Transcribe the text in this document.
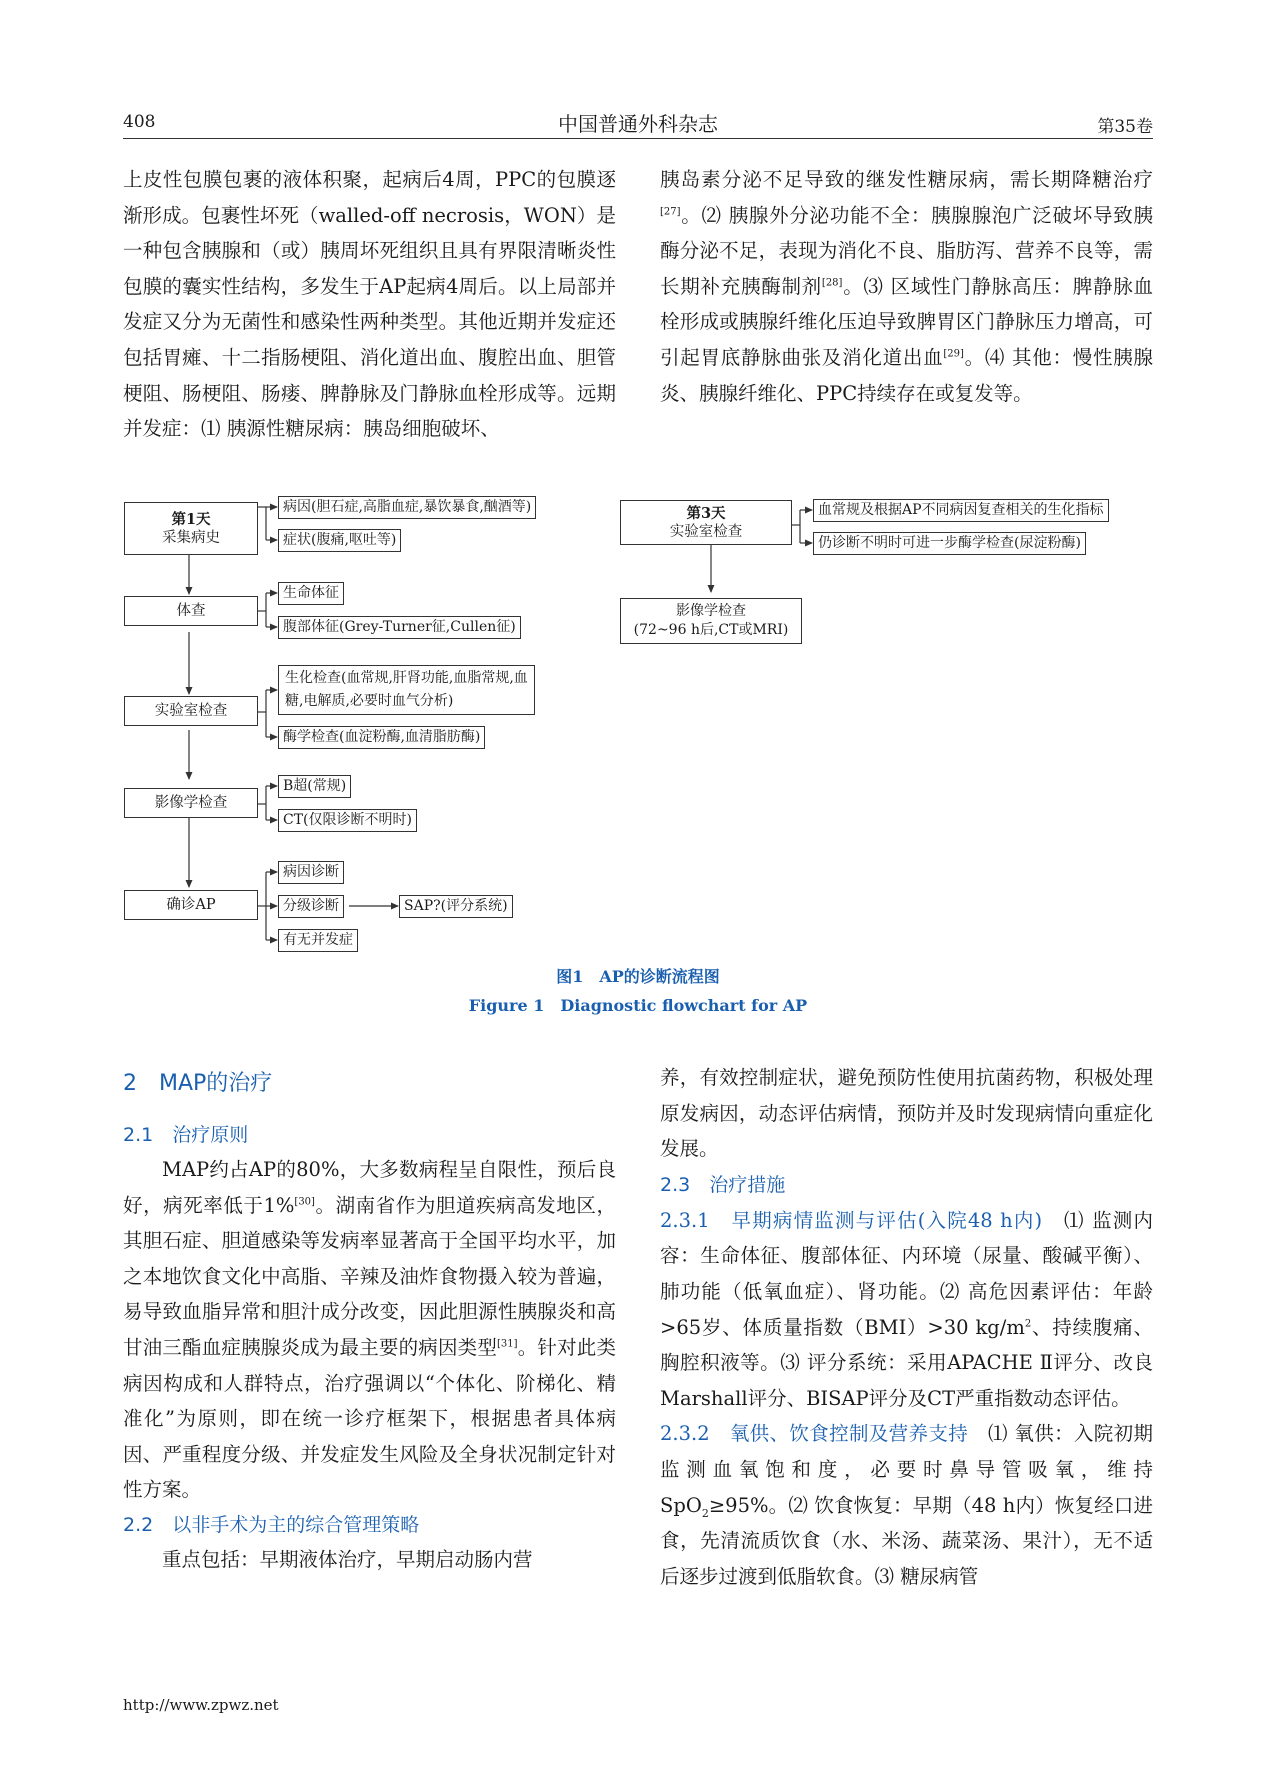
408	中国普通外科杂志	第35卷

上皮性包膜包裹的液体积聚，起病后4周，PPC的包膜逐渐形成。包裹性坏死（walled-off necrosis，WON）是一种包含胰腺和（或）胰周坏死组织且具有界限清晰炎性包膜的囊实性结构，多发生于AP起病4周后。以上局部并发症又分为无菌性和感染性两种类型。其他近期并发症还包括胃瘫、十二指肠梗阻、消化道出血、腹腔出血、胆管梗阻、肠梗阻、肠瘘、脾静脉及门静脉血栓形成等。远期并发症：⑴ 胰源性糖尿病：胰岛细胞破坏、

胰岛素分泌不足导致的继发性糖尿病，需长期降糖治疗[27]。⑵ 胰腺外分泌功能不全：胰腺腺泡广泛破坏导致胰酶分泌不足，表现为消化不良、脂肪泻、营养不良等，需长期补充胰酶制剂[28]。⑶ 区域性门静脉高压：脾静脉血栓形成或胰腺纤维化压迫导致脾胃区门静脉压力增高，可引起胃底静脉曲张及消化道出血[29]。⑷ 其他：慢性胰腺炎、胰腺纤维化、PPC持续存在或复发等。

第1天
采集病史
病因(胆石症,高脂血症,暴饮暴食,酗酒等)
症状(腹痛,呕吐等)
体查
生命体征
腹部体征(Grey-Turner征,Cullen征)
实验室检查
生化检查(血常规,肝肾功能,血脂常规,血
糖,电解质,必要时血气分析)
酶学检查(血淀粉酶,血清脂肪酶)
影像学检查
B超(常规)
CT(仅限诊断不明时)
确诊AP
病因诊断
分级诊断	SAP?(评分系统)
有无并发症
第3天
实验室检查
血常规及根据AP不同病因复查相关的生化指标
仍诊断不明时可进一步酶学检查(尿淀粉酶)
影像学检查
(72~96 h后,CT或MRI)
图1　AP的诊断流程图
Figure 1　Diagnostic flowchart for AP
2　MAP的治疗
2.1　治疗原则

MAP约占AP的80%，大多数病程呈自限性，预后良好，病死率低于1%[30]。湖南省作为胆道疾病高发地区，其胆石症、胆道感染等发病率显著高于全国平均水平，加之本地饮食文化中高脂、辛辣及油炸食物摄入较为普遍，易导致血脂异常和胆汁成分改变，因此胆源性胰腺炎和高甘油三酯血症胰腺炎成为最主要的病因类型[31]。针对此类病因构成和人群特点，治疗强调以“个体化、阶梯化、精准化”为原则，即在统一诊疗框架下，根据患者具体病因、严重程度分级、并发症发生风险及全身状况制定针对性方案。

2.2　以非手术为主的综合管理策略

重点包括：早期液体治疗，早期启动肠内营

养，有效控制症状，避免预防性使用抗菌药物，积极处理原发病因，动态评估病情，预防并及时发现病情向重症化发展。

2.3　治疗措施

2.3.1　早期病情监测与评估(入院48 h内)　⑴ 监测内容：生命体征、腹部体征、内环境（尿量、酸碱平衡）、肺功能（低氧血症）、肾功能。⑵ 高危因素评估：年龄>65岁、体质量指数（BMI）>30 $kg/m^2$、持续腹痛、胸腔积液等。⑶ 评分系统：采用APACHE Ⅱ评分、改良Marshall评分、BISAP评分及CT严重指数动态评估。

2.3.2　氧供、饮食控制及营养支持　⑴ 氧供：入院初期监测血氧饱和度，必要时鼻导管吸氧，维持SpO$_2$≥95%。⑵ 饮食恢复：早期（48 h内）恢复经口进食，先清流质饮食（水、米汤、蔬菜汤、果汁），无不适后逐步过渡到低脂软食。⑶ 糖尿病管

http://www.zpwz.net
